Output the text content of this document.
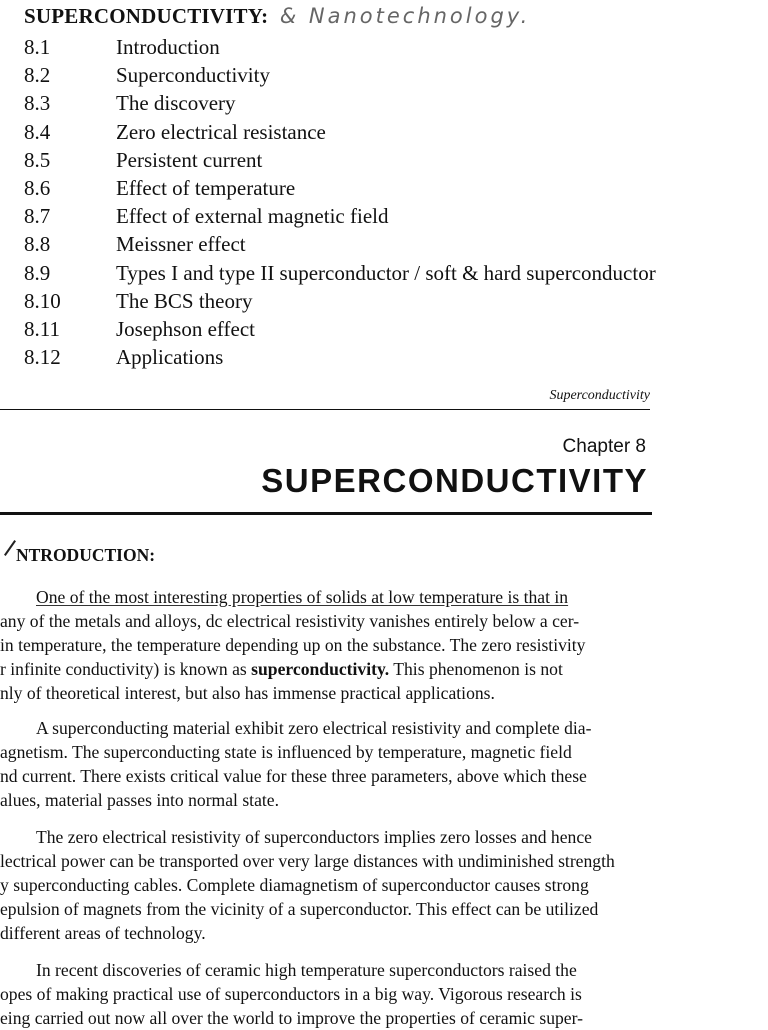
SUPERCONDUCTIVITY: & Nanotechnology.
8.1	Introduction
8.2	Superconductivity
8.3	The discovery
8.4	Zero electrical resistance
8.5	Persistent current
8.6	Effect of temperature
8.7	Effect of external magnetic field
8.8	Meissner effect
8.9	Types I and type II superconductor / soft & hard superconductor
8.10	The BCS theory
8.11	Josephson effect
8.12	Applications
Superconductivity
Chapter 8
SUPERCONDUCTIVITY
NTRODUCTION:
One of the most interesting properties of solids at low temperature is that in
any of the metals and alloys, dc electrical resistivity vanishes entirely below a cer-
in temperature, the temperature depending up on the substance. The zero resistivity
r infinite conductivity) is known as superconductivity. This phenomenon is not
nly of theoretical interest, but also has immense practical applications.
A superconducting material exhibit zero electrical resistivity and complete dia-
agnetism. The superconducting state is influenced by temperature, magnetic field
nd current. There exists critical value for these three parameters, above which these
alues, material passes into normal state.
The zero electrical resistivity of superconductors implies zero losses and hence
lectrical power can be transported over very large distances with undiminished strength
y superconducting cables. Complete diamagnetism of superconductor causes strong
epulsion of magnets from the vicinity of a superconductor. This effect can be utilized
different areas of technology.
In recent discoveries of ceramic high temperature superconductors raised the
opes of making practical use of superconductors in a big way. Vigorous research is
eing carried out now all over the world to improve the properties of ceramic super-
